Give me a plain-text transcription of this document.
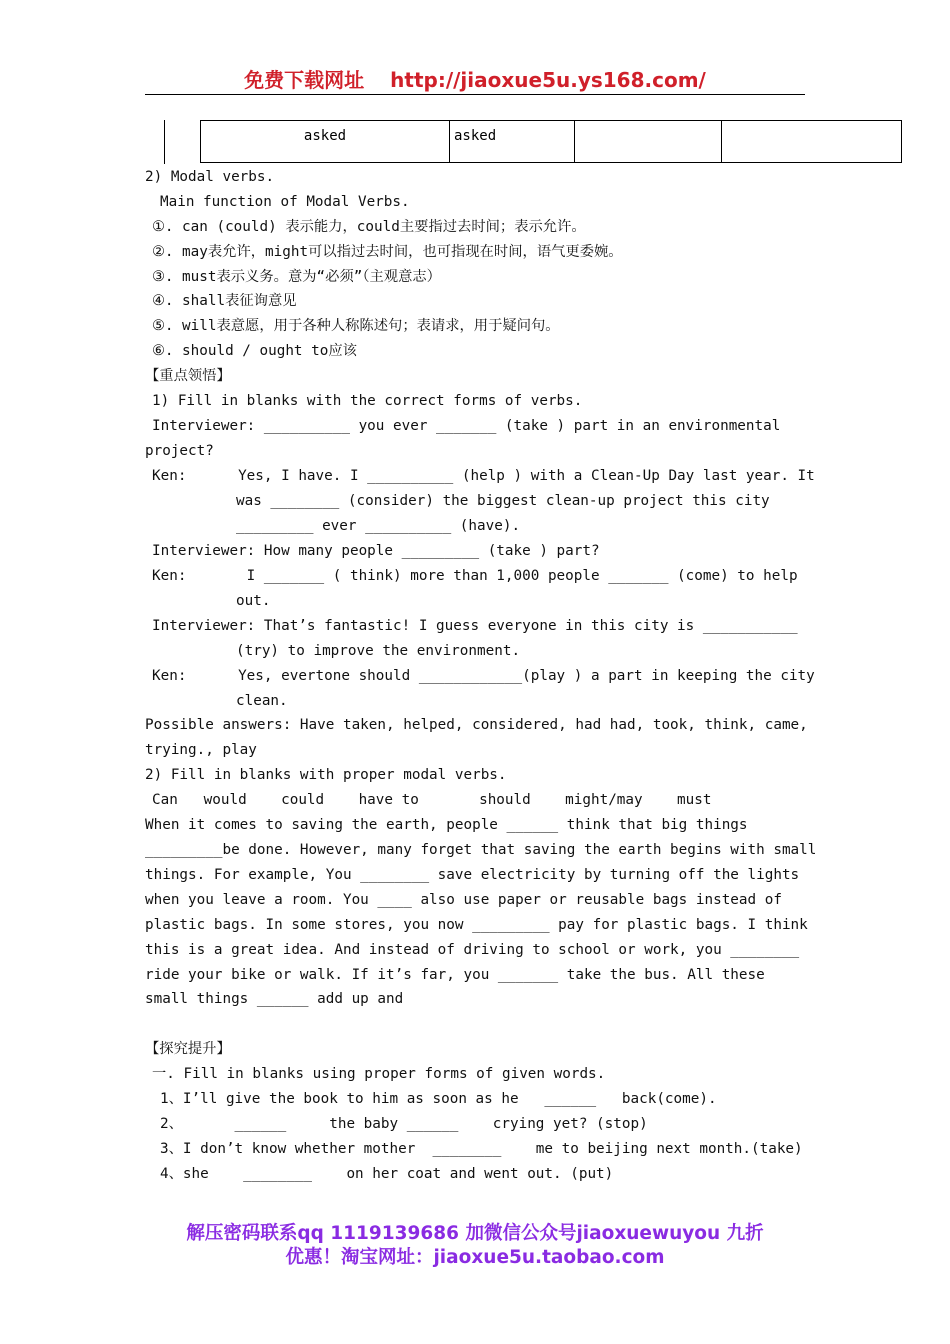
免费下载网址 http://jiaoxue5u.ys168.com/
asked	asked
2) Modal verbs.
Main function of Modal Verbs.
①. can (could) 表示能力，could主要指过去时间；表示允许。
②. may表允许，might可以指过去时间，也可指现在时间，语气更委婉。
③. must表示义务。意为“必须”（主观意志）
④. shall表征询意见
⑤. will表意愿，用于各种人称陈述句；表请求，用于疑问句。
⑥. should / ought to应该
【重点领悟】
1) Fill in blanks with the correct forms of verbs.
Interviewer: __________ you ever _______ (take ) part in an environmental
project?
Ken:      Yes, I have. I __________ (help ) with a Clean-Up Day last year. It
was ________ (consider) the biggest clean-up project this city
_________ ever __________ (have).
Interviewer: How many people _________ (take ) part?
Ken:       I _______ ( think) more than 1,000 people _______ (come) to help
out.
Interviewer: That’s fantastic! I guess everyone in this city is ___________
(try) to improve the environment.
Ken:      Yes, evertone should ____________(play ) a part in keeping the city
clean.
Possible answers: Have taken, helped, considered, had had, took, think, came,
trying., play
2) Fill in blanks with proper modal verbs.
Can   would    could    have to       should    might/may    must
When it comes to saving the earth, people ______ think that big things
_________be done. However, many forget that saving the earth begins with small
things. For example, You ________ save electricity by turning off the lights
when you leave a room. You ____ also use paper or reusable bags instead of
plastic bags. In some stores, you now _________ pay for plastic bags. I think
this is a great idea. And instead of driving to school or work, you ________
ride your bike or walk. If it’s far, you _______ take the bus. All these
small things ______ add up and
【探究提升】
一. Fill in blanks using proper forms of given words.
1、I’ll give the book to him as soon as he   ______   back(come).
2、      ______     the baby ______    crying yet? (stop)
3、I don’t know whether mother  ________    me to beijing next month.(take)
4、she    ________    on her coat and went out. (put)
解压密码联系qq 1119139686 加微信公众号jiaoxuewuyou 九折
优惠！淘宝网址：jiaoxue5u.taobao.com
